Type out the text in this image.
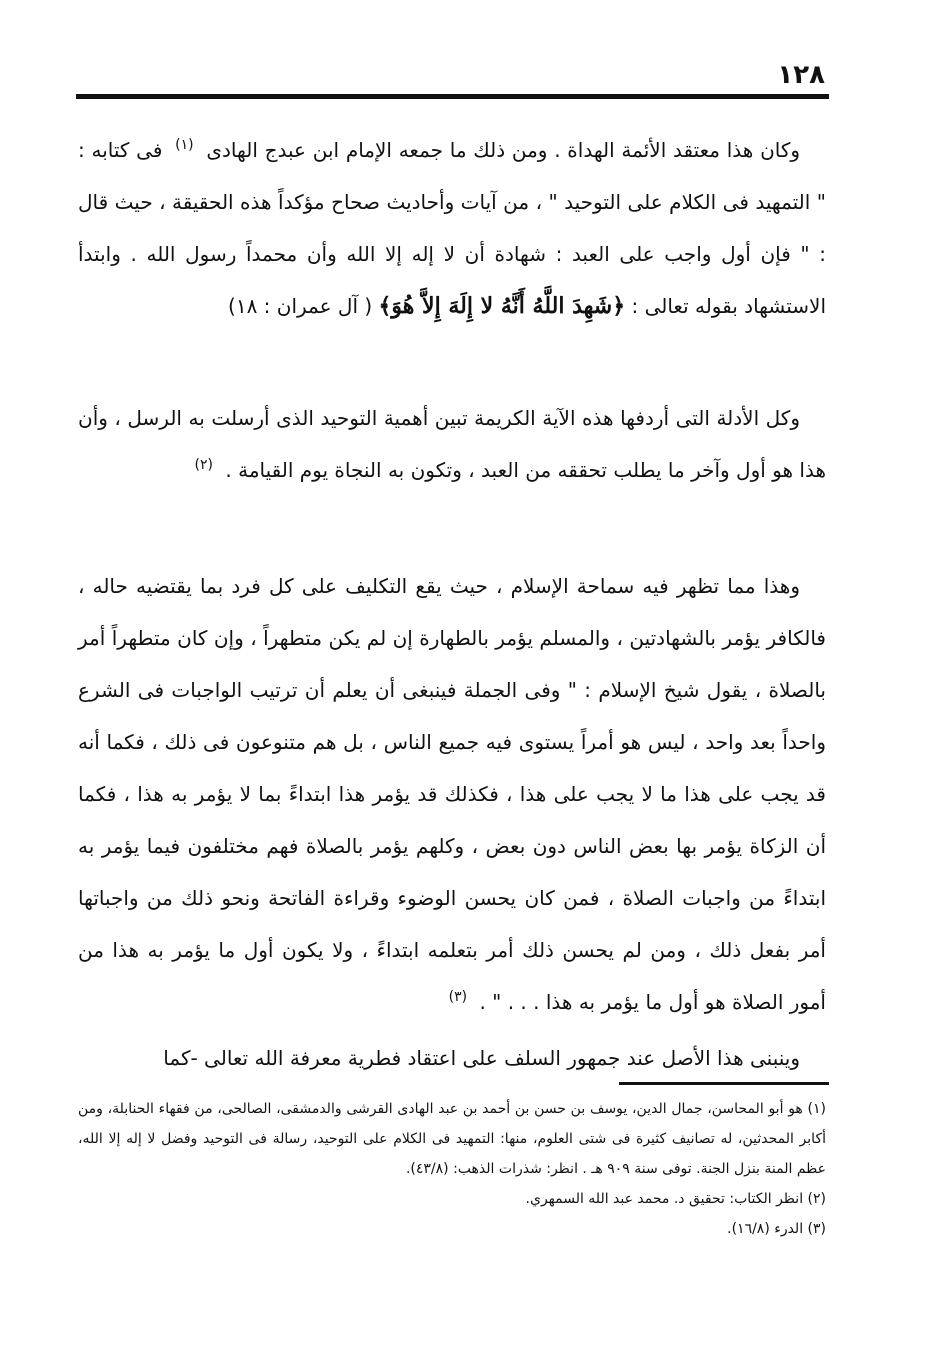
١٢٨

وكان هذا معتقد الأئمة الهداة . ومن ذلك ما جمعه الإمام ابن عبدج الهادى $^{(١)}$ فى كتابه : " التمهيد فى الكلام على التوحيد " ، من آيات وأحاديث صحاح مؤكداً هذه الحقيقة ، حيث قال : " فإن أول واجب على العبد : شهادة أن لا إله إلا الله وأن محمداً رسول الله . وابتدأ الاستشهاد بقوله تعالى : ﴿شَهِدَ اللَّهُ أَنَّهُ لا إِلَهَ إِلاَّ هُوَ﴾ ( آل عمران : ١٨)

وكل الأدلة التى أردفها هذه الآية الكريمة تبين أهمية التوحيد الذى أرسلت به الرسل ، وأن هذا هو أول وآخر ما يطلب تحققه من العبد ، وتكون به النجاة يوم القيامة . $^{(٢)}$

وهذا مما تظهر فيه سماحة الإسلام ، حيث يقع التكليف على كل فرد بما يقتضيه حاله ، فالكافر يؤمر بالشهادتين ، والمسلم يؤمر بالطهارة إن لم يكن متطهراً ، وإن كان متطهراً أمر بالصلاة ، يقول شيخ الإسلام : " وفى الجملة فينبغى أن يعلم أن ترتيب الواجبات فى الشرع واحداً بعد واحد ، ليس هو أمراً يستوى فيه جميع الناس ، بل هم متنوعون فى ذلك ، فكما أنه قد يجب على هذا ما لا يجب على هذا ، فكذلك قد يؤمر هذا ابتداءً بما لا يؤمر به هذا ، فكما أن الزكاة يؤمر بها بعض الناس دون بعض ، وكلهم يؤمر بالصلاة فهم مختلفون فيما يؤمر به ابتداءً من واجبات الصلاة ، فمن كان يحسن الوضوء وقراءة الفاتحة ونحو ذلك من واجباتها أمر بفعل ذلك ، ومن لم يحسن ذلك أمر بتعلمه ابتداءً ، ولا يكون أول ما يؤمر به هذا من أمور الصلاة هو أول ما يؤمر به هذا . . . " . $^{(٣)}$

وينبنى هذا الأصل عند جمهور السلف على اعتقاد فطرية معرفة الله تعالى -كما

(١) هو أبو المحاسن، جمال الدين، يوسف بن حسن بن أحمد بن عبد الهادى القرشى والدمشقى، الصالحى، من فقهاء الحنابلة، ومن أكابر المحدثين، له تصانيف كثيرة فى شتى العلوم، منها: التمهيد فى الكلام على التوحيد، رسالة فى التوحيد وفضل لا إله إلا الله، عظم المنة بنزل الجنة. توفى سنة ٩٠٩ هـ . انظر: شذرات الذهب: (٤٣/٨).

(٢) انظر الكتاب: تحقيق د. محمد عبد الله السمهري.

(٣) الدرء (١٦/٨).
